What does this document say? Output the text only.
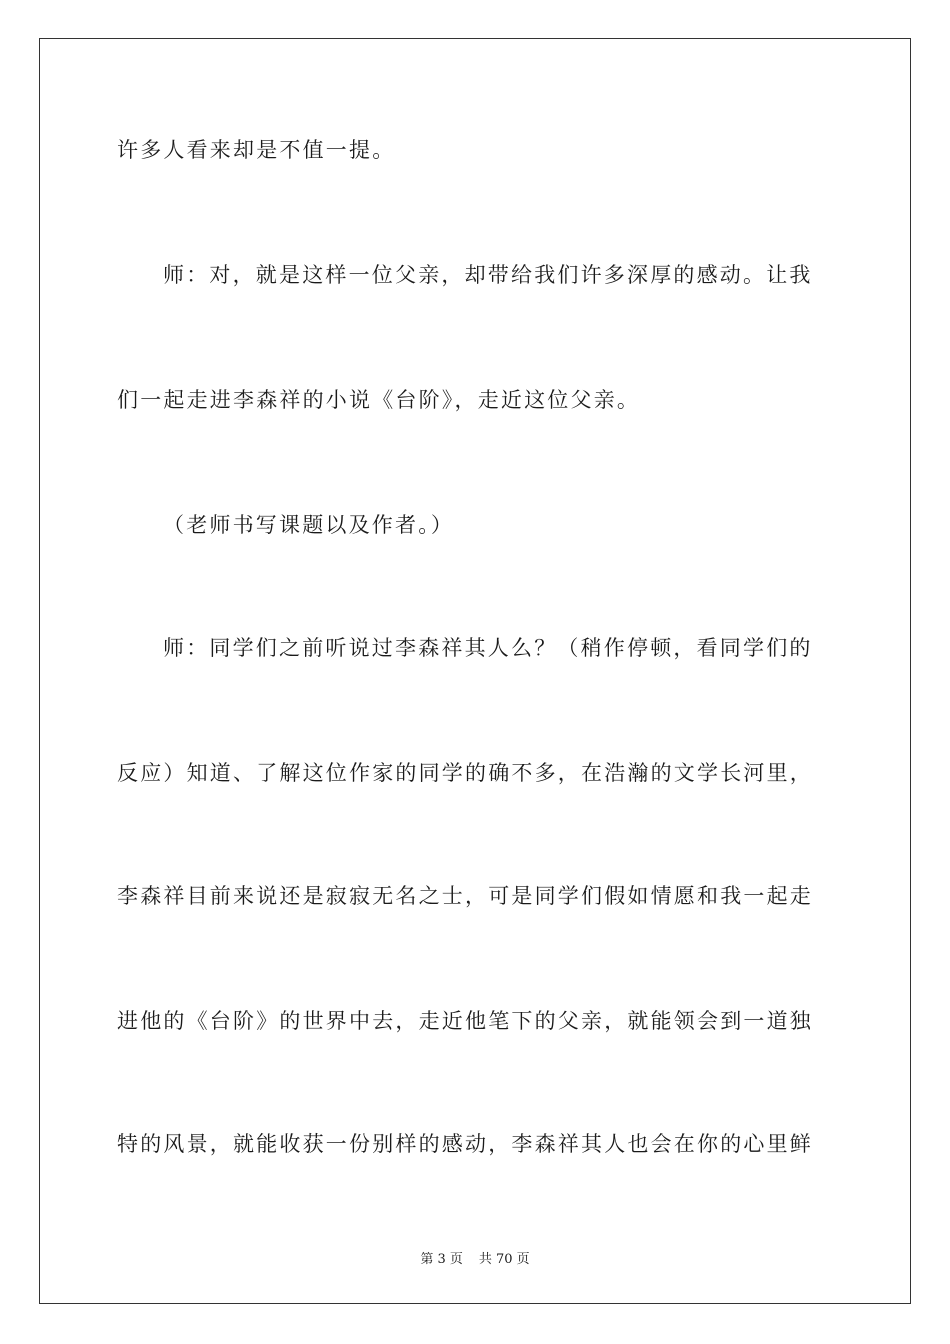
许多人看来却是不值一提。
师：对，就是这样一位父亲，却带给我们许多深厚的感动。让我
们一起走进李森祥的小说《台阶》，走近这位父亲。
（老师书写课题以及作者。）
师：同学们之前听说过李森祥其人么？（稍作停顿，看同学们的
反应）知道、了解这位作家的同学的确不多，在浩瀚的文学长河里，
李森祥目前来说还是寂寂无名之士，可是同学们假如情愿和我一起走
进他的《台阶》的世界中去，走近他笔下的父亲，就能领会到一道独
特的风景，就能收获一份别样的感动，李森祥其人也会在你的心里鲜
第 3 页 共 70 页
